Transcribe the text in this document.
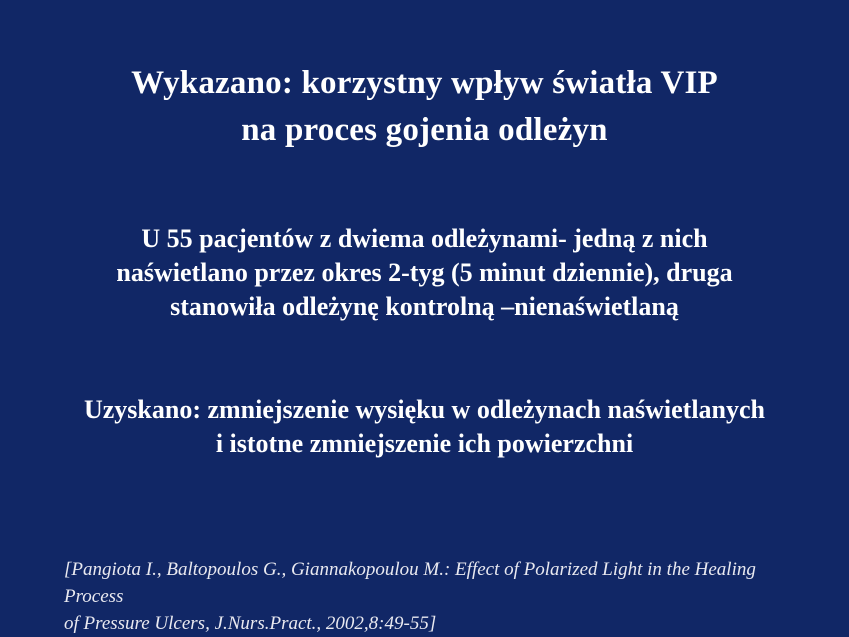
Wykazano: korzystny wpływ światła VIP
na proces gojenia odleżyn
U 55 pacjentów z dwiema odleżynami- jedną z nich
naświetlano przez okres 2-tyg (5 minut dziennie), druga
stanowiła odleżynę kontrolną –nienaświetlaną
Uzyskano: zmniejszenie wysięku w odleżynach naświetlanych
i istotne zmniejszenie ich powierzchni
[Pangiota I., Baltopoulos G., Giannakopoulou M.: Effect of Polarized Light in the Healing Process
of Pressure Ulcers, J.Nurs.Pract., 2002,8:49-55]
